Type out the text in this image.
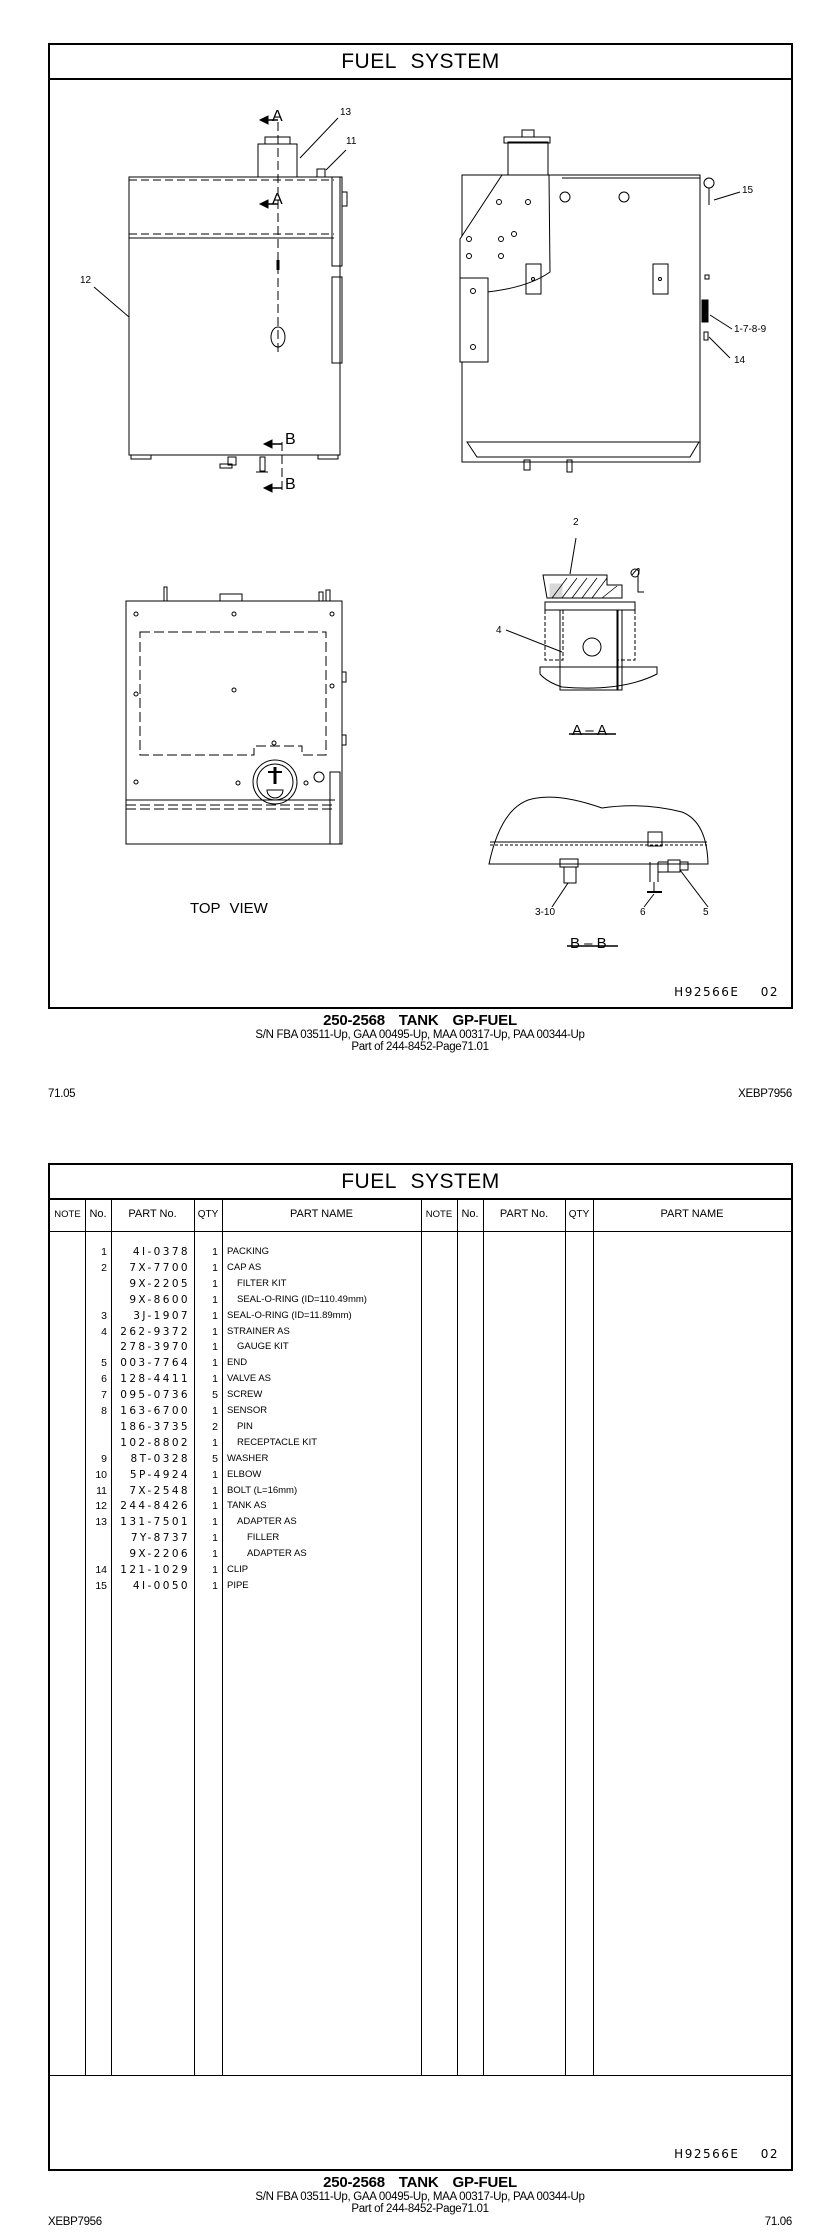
FUEL SYSTEM
A
A
B
B
13
11
12
15
1-7-8-9
14
2
4
3-10	6	5
TOP VIEW
A – A
B – B
H92566E 02
250-2568  TANK  GP-FUEL
S/N FBA 03511-Up, GAA 00495-Up, MAA 00317-Up, PAA 00344-Up
Part of 244-8452-Page71.01
71.05	XEBP7956
FUEL SYSTEM
NOTE No.	PART No.	QTY	PART NAME	NOTE No.	PART No.	QTY	PART NAME
1	4I-0378	1 PACKING
2	7X-7700	1 CAP AS
9X-2205	1 FILTER KIT
9X-8600	1 SEAL-O-RING (ID=110.49mm)
3	3J-1907	1 SEAL-O-RING (ID=11.89mm)
4	262-9372	1 STRAINER AS
278-3970	1 GAUGE KIT
5	003-7764	1 END
6	128-4411	1 VALVE AS
7	095-0736	5 SCREW
8	163-6700	1 SENSOR
186-3735	2 PIN
102-8802	1 RECEPTACLE KIT
9	8T-0328	5 WASHER
10	5P-4924	1 ELBOW
11	7X-2548	1 BOLT (L=16mm)
12	244-8426	1 TANK AS
13	131-7501	1 ADAPTER AS
7Y-8737	1	FILLER
9X-2206	1	ADAPTER AS
14	121-1029	1 CLIP
15	4I-0050	1 PIPE
H92566E 02
250-2568  TANK  GP-FUEL
S/N FBA 03511-Up, GAA 00495-Up, MAA 00317-Up, PAA 00344-Up
Part of 244-8452-Page71.01
XEBP7956	71.06
